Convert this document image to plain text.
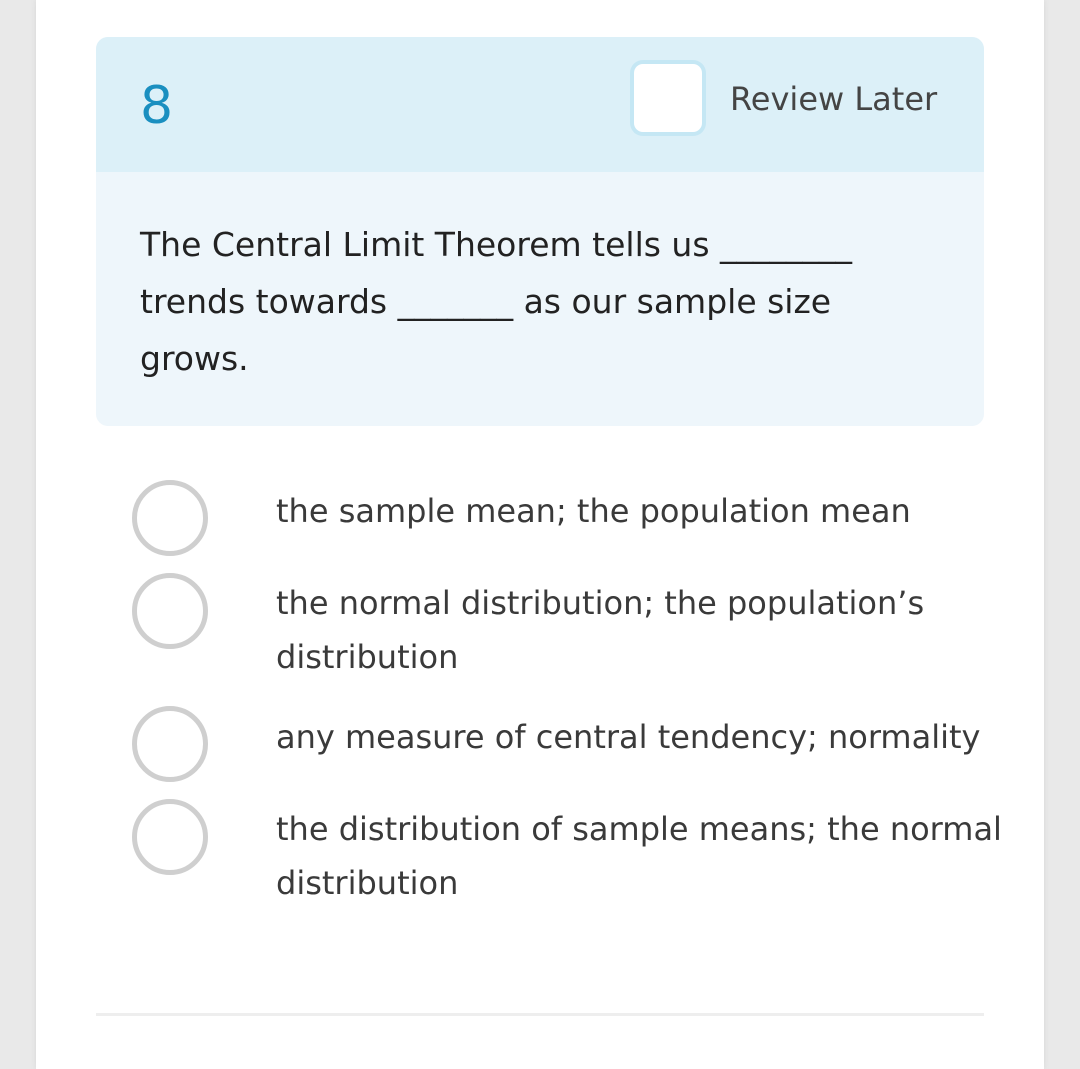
8	Review Later
The Central Limit Theorem tells us ________ trends towards _______ as our sample size grows.
the sample mean; the population mean
the normal distribution; the population’s distribution
any measure of central tendency; normality
the distribution of sample means; the normal distribution
